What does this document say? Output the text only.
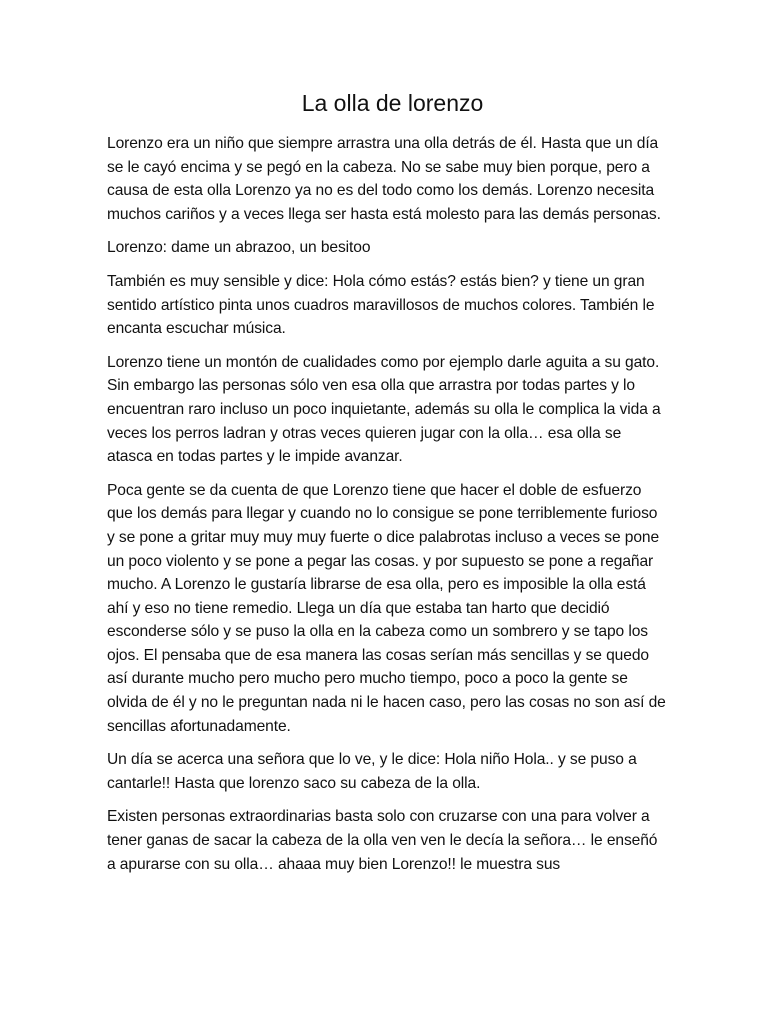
La olla de lorenzo

Lorenzo era un niño que siempre arrastra una olla detrás de él. Hasta que un día se le cayó encima y se pegó en la cabeza. No se sabe muy bien porque, pero a causa de esta olla Lorenzo ya no es del todo como los demás. Lorenzo necesita muchos cariños y a veces llega ser hasta está molesto para las demás personas.

Lorenzo: dame un abrazoo, un besitoo

También es muy sensible y dice: Hola cómo estás? estás bien? y tiene un gran sentido artístico pinta unos cuadros maravillosos de muchos colores. También le encanta escuchar música.

Lorenzo tiene un montón de cualidades como por ejemplo darle aguita a su gato. Sin embargo las personas sólo ven esa olla que arrastra por todas partes y lo encuentran raro incluso un poco inquietante, además su olla le complica la vida a veces los perros ladran y otras veces quieren jugar con la olla… esa olla se atasca en todas partes y le impide avanzar.

Poca gente se da cuenta de que Lorenzo tiene que hacer el doble de esfuerzo que los demás para llegar y cuando no lo consigue se pone terriblemente furioso y se pone a gritar muy muy muy fuerte o dice palabrotas incluso a veces se pone un poco violento y se pone a pegar las cosas. y por supuesto se pone a regañar mucho. A Lorenzo le gustaría librarse de esa olla, pero es imposible la olla está ahí y eso no tiene remedio. Llega un día que estaba tan harto que decidió esconderse sólo y se puso la olla en la cabeza como un sombrero y se tapo los ojos. El pensaba que de esa manera las cosas serían más sencillas y se quedo así durante mucho pero mucho pero mucho tiempo, poco a poco la gente se olvida de él y no le preguntan nada ni le hacen caso, pero las cosas no son así de sencillas afortunadamente.

Un día se acerca una señora que lo ve, y le dice: Hola niño Hola.. y se puso a cantarle!! Hasta que lorenzo saco su cabeza de la olla.

Existen personas extraordinarias basta solo con cruzarse con una para volver a tener ganas de sacar la cabeza de la olla ven ven le decía la señora… le enseñó a apurarse con su olla… ahaaa muy bien Lorenzo!! le muestra sus
